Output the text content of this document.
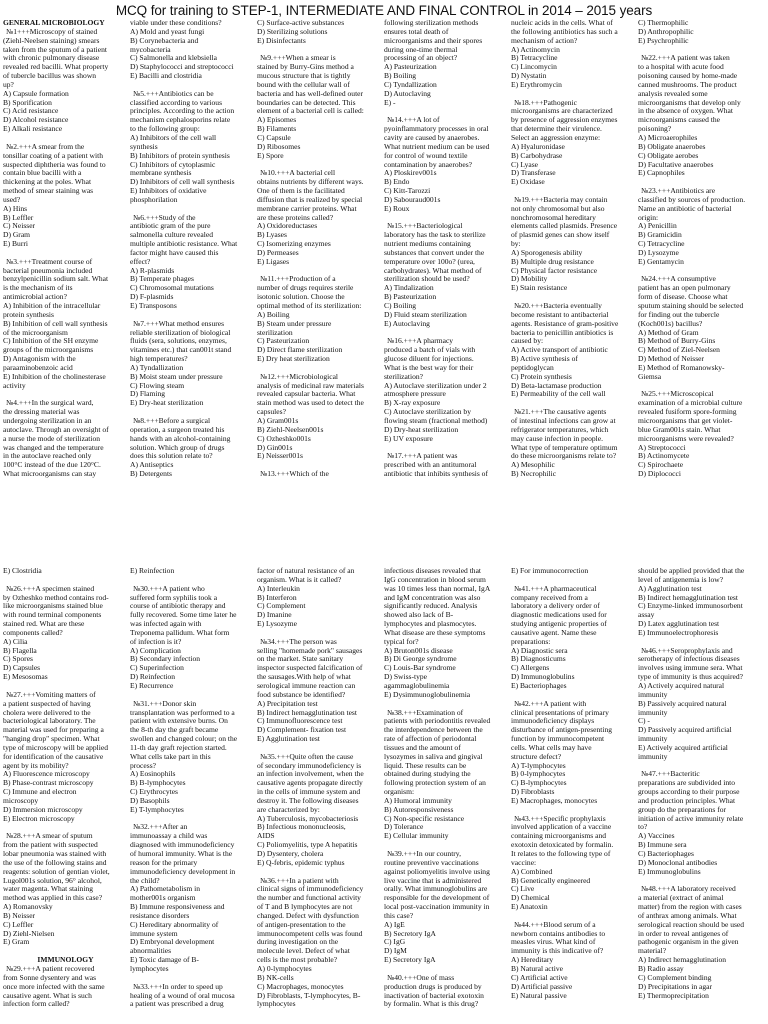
MCQ for training to STEP-1, INTERMEDIATE AND FINAL CONTROL in 2014 – 2015 years
GENERAL MICROBIOLOGY
№1+++Microscopy of stained
(Ziehl-Neelsen staining) smears
taken from the sputum of a patient
with chronic pulmonary disease
revealed red bacilli. What property
of tubercle bacillus was shown
up?
A) Capsule formation
B) Sporification
C) Acid resistance
D) Alcohol resistance
E) Alkali resistance
№2.+++A smear from the
tonsillar coating of a patient with
suspected diphtheria was found to
contain blue bacilli with a
thickening at the poles. What
method of smear staining was
used?
A) Hins
B) Leffler
C) Neisser
D) Gram
E) Burri
№3.+++Treatment course of
bacterial pneumonia included
benzylpenicillin sodium salt. What
is the mechanism of its
antimicrobial action?
A) Inhibition of the intracellular
protein synthesis
B) Inhibition of cell wall synthesis
of the microorganism
C) Inhibition of the SH enzyme
groups of the microorganisms
D) Antagonism with the
paraaminobenzoic acid
E) Inhibition of the cholinesterase
activity
№4.+++In the surgical ward,
the dressing material was
undergoing sterilization in an
autoclave. Through an oversight of
a nurse the mode of sterilization
was changed and the temperature
in the autoclave reached only
100°C instead of the due 120°C.
What microorganisms can stay
viable under these conditions?
A) Mold and yeast fungi
B) Corynebacteria and
mycobacteria
C) Salmonella and klebsiella
D) Staphylococci and streptococci
E) Bacilli and clostridia
№5.+++Antibiotics can be
classified according to various
principles. According to the action
mechanism cephalosporins relate
to the following group:
A) Inhibitors of the cell wall
synthesis
B) Inhibitors of protein synthesis
C) Inhibitors of cytoplasmic
membrane synthesis
D) Inhibitors of cell wall synthesis
E) Inhibitors of oxidative
phosphorilation
№6.+++Study of the
antibiotic gram of the pure
salmonella culture revealed
multiple antibiotic resistance. What
factor might have caused this
effect?
A) R-plasmids
B) Temperate phages
C) Chromosomal mutations
D) F-plasmids
E) Transposons
№7.+++What method ensures
reliable sterilization of biological
fluids (sera, solutions, enzymes,
vitamines etc.) that can001t stand
high temperatures?
A) Tyndallization
B) Moist steam under pressure
C) Flowing steam
D) Flaming
E) Dry-heat sterilization
№8.+++Before a surgical
operation, a surgeon treated his
hands with an alcohol-containing
solution. Which group of drugs
does this solution relate to?
A) Antiseptics
B) Detergents
C) Surface-active substances
D) Sterilizing solutions
E) Disinfectants
№9.+++When a smear is
stained by Burry-Gins method a
mucous structure that is tightly
bound with the cellular wall of
bacteria and has well-defined outer
boundaries can be detected. This
element of a bacterial cell is called:
A) Episomes
B) Filaments
C) Capsule
D) Ribosomes
E) Spore
№10.+++A bacterial cell
obtains nutrients by different ways.
One of them is the facilitated
diffusion that is realized by special
membrane carrier proteins. What
are these proteins called?
A) Oxidoreductases
B) Lyases
C) Isomerizing enzymes
D) Permeases
E) Ligases
№11.+++Production of a
number of drugs requires sterile
isotonic solution. Choose the
optimal method of its sterilization:
A) Boiling
B) Steam under pressure
sterilization
C) Pasteurization
D) Direct flame sterilization
E) Dry heat sterilization
№12.+++Microbiological
analysis of medicinal raw materials
revealed capsular bacteria. What
stain method was used to detect the
capsules?
A) Gram001s
B) Ziehl-Neelsen001s
C) Ozheshko001s
D) Gin001s
E) Neisser001s
№13.+++Which of the
following sterilization methods
ensures total death of
microorganisms and their spores
during one-time thermal
processing of an object?
A) Pasteurization
B) Boiling
C) Tyndallization
D) Autoclaving
E) -
№14.+++A lot of
pyoinflammatory processes in oral
cavity are caused by anaerobes.
What nutrient medium can be used
for control of wound textile
contamination by anaerobes?
A) Ploskirev001s
B) Endo
C) Kitt-Tarozzi
D) Sabouraud001s
E) Roux
№15.+++Bacteriological
laboratory has the task to sterilize
nutrient mediums containing
substances that convert under the
temperature over 100o? (urea,
carbohydrates). What method of
sterilization should be used?
A) Tindalization
B) Pasteurization
C) Boiling
D) Fluid steam sterilization
E) Autoclaving
№16.+++A pharmacy
produced a batch of vials with
glucose diluent for injections.
What is the best way for their
sterilization?
A) Autoclave sterilization under 2
atmosphere pressure
B) X-ray exposure
C) Autoclave sterilization by
flowing steam (fractional method)
D) Dry-heat sterilization
E) UV exposure
№17.+++A patient was
prescribed with an antitumoral
antibiotic that inhibits synthesis of
nucleic acids in the cells. What of
the following antibiotics has such a
mechanism of action?
A) Actinomycin
B) Tetracycline
C) Lincomycin
D) Nystatin
E) Erythromycin
№18.+++Pathogenic
microorganisms are characterized
by presence of aggression enzymes
that determine their virulence.
Select an aggression enzyme:
A) Hyaluronidase
B) Carbohydrase
C) Lyase
D) Transferase
E) Oxidase
№19.+++Bacteria may contain
not only chromosomal but also
nonchromosomal hereditary
elements called plasmids. Presence
of plasmid genes can show itself
by:
A) Sporogenesis ability
B) Multiple drug resistance
C) Physical factor resistance
D) Mobility
E) Stain resistance
№20.+++Bacteria eventually
become resistant to antibacterial
agents. Resistance of gram-positive
bacteria to penicillin antibiotics is
caused by:
A) Active transport of antibiotic
B) Active synthesis of
peptidoglycan
C) Protein synthesis
D) Beta-lactamase production
E) Permeability of the cell wall
№21.+++The causative agents
of intestinal infections can grow at
refrigerator temperatures, which
may cause infection in people.
What type of temperature optimum
do these microorganisms relate to?
A) Mesophilic
B) Necrophilic
C) Thermophilic
D) Anthropophilic
E) Psychrophilic
№22.+++A patient was taken
to a hospital with acute food
poisoning caused by home-made
canned mushrooms. The product
analysis revealed some
microorganisms that develop only
in the absence of oxygen. What
microorganisms caused the
poisoning?
A) Microaerophiles
B) Obligate anaerobes
C) Obligate aerobes
D) Facultative anaerobes
E) Capnophiles
№23.+++Antibiotics are
classified by sources of production.
Name an antibiotic of bacterial
origin:
A) Penicillin
B) Gramicidin
C) Tetracycline
D) Lysozyme
E) Gentamycin
№24.+++A consumptive
patient has an open pulmonary
form of disease. Choose what
sputum staining should be selected
for finding out the tubercle
(Koch001s) bacillus?
A) Method of Gram
B) Method of Burry-Gins
C) Method of Ziel-Neelsen
D) Method of Neisser
E) Method of Romanowsky-
Giemsa
№25.+++Microscopical
examination of a microbial culture
revealed fusiform spore-forming
microorganisms that get violet-
blue Gram001s stain. What
microorganisms were revealed?
A) Streptococci
B) Actinomycete
C) Spirochaete
D) Diplococci
E) Clostridia
№26.+++A specimen stained
by Ozheshko method contains rod-
like microorganisms stained blue
with round terminal components
stained red. What are these
components called?
A) Cilia
B) Flagella
C) Spores
D) Capsules
E) Mesosomas
№27.+++Vomiting matters of
a patient suspected of having
cholera were delivered to the
bacteriological laboratory. The
material was used for preparing a
"hanging drop" specimen. What
type of microscopy will be applied
for identification of the causative
agent by its mobility?
A) Fluorescence microscopy
B) Phase-contrast microscopy
C) Immune and electron
microscopy
D) Immersion microscopy
E) Electron microscopy
№28.+++A smear of sputum
from the patient with suspected
lobar pneumonia was stained with
the use of the following stains and
reagents: solution of gentian violet,
Lugol001s solution, 96° alcohol,
water magenta. What staining
method was applied in this case?
A) Romanovsky
B) Neisser
C) Leffler
D) Ziehl-Nielsen
E) Gram
IMMUNOLOGY
№29.+++A patient recovered
from Sonne dysentery and was
once more infected with the same
causative agent. What is such
infection form called?
E) Reinfection
№30.+++A patient who
suffered form syphilis took a
course of antibiotic therapy and
fully recovered. Some time later he
was infected again with
Treponema pallidum. What form
of infection is it?
A) Complication
B) Secondary infection
C) Superinfection
D) Reinfection
E) Recurrence
№31.+++Donor skin
transplantation was performed to a
patient with extensive burns. On
the 8-th day the graft became
swollen and changed colour; on the
11-th day graft rejection started.
What cells take part in this
process?
A) Eosinophils
B) B-lymphocytes
C) Erythrocytes
D) Basophils
E) T-lymphocytes
№32.+++After an
immunoassay a child was
diagnosed with immunodeficiency
of humoral immunity. What is the
reason for the primary
immunodeficiency development in
the child?
A) Pathometabolism in
mother001s organism
B) Immune responsiveness and
resistance disorders
C) Hereditary abnormality of
immune system
D) Embryonal development
abnormalities
E) Toxic damage of B-
lymphocytes
№33.+++In order to speed up
healing of a wound of oral mucosa
a patient was prescribed a drug
factor of natural resistance of an
organism. What is it called?
A) Interleukin
B) Interferon
C) Complement
D) Imanine
E) Lysozyme
№34.+++The person was
selling "homemade pork" sausages
on the market. State sanitary
inspector suspected falcification of
the sausages.With help of what
serological immune reaction can
food substance be identified?
A) Precipitation test
B) Indirect hemagglutination test
C) Immunofluorescence test
D) Complement- fixation test
E) Agglutination test
№35.+++Quite often the cause
of secondary immunodeficiency is
an infection involvement, when the
causative agents propagate directly
in the cells of immune system and
destroy it. The following diseases
are characterized by:
A) Tuberculosis, mycobacteriosis
B) Infectious mononucleosis,
AIDS
C) Poliomyelitis, type A hepatitis
D) Dysentery, cholera
E) Q-febris, epidemic typhus
№36.+++In a patient with
clinical signs of immunodeficiency
the number and functional activity
of T and B lymphocytes are not
changed. Defect with dysfunction
of antigen-presentation to the
immunocompetent cells was found
during investigation on the
molecule level. Defect of what
cells is the most probable?
A) 0-lymphocytes
B) NK-cells
C) Macrophages, monocytes
D) Fibroblasts, T-lymphocytes, B-
lymphocytes
infectious diseases revealed that
IgG concentration in blood serum
was 10 times less than normal, IgA
and IgM concentration was also
significantly reduced. Analysis
showed also lack of B-
lymphocytes and plasmocytes.
What disease are these symptoms
typical for?
A) Bruton001s disease
B) Di George syndrome
C) Louis-Bar syndrome
D) Swiss-type
agammaglobulinemia
E) Dysimmunoglobulinemia
№38.+++Examination of
patients with periodontitis revealed
the interdependence between the
rate of affection of periodontal
tissues and the amount of
lysozymes in saliva and gingival
liquid. These results can be
obtained during studying the
following protection system of an
organism:
A) Humoral immunity
B) Autoresponsiveness
C) Non-specific resistance
D) Tolerance
E) Cellular immunity
№39.+++In our country,
routine preventive vaccinations
against poliomyelitis involve using
live vaccine that is administered
orally. What immunoglobulins are
responsible for the development of
local post-vaccination immunity in
this case?
A) IgE
B) Secretory IgA
C) IgG
D) IgM
E) Secretory IgA
№40.+++One of mass
production drugs is produced by
inactivation of bacterial exotoxin
by formalin. What is this drug?
E) For immunocorrection
№41.+++A pharmaceutical
company received from a
laboratory a delivery order of
diagnostic medications used for
studying antigenic properties of
causative agent. Name these
preparations:
A) Diagnostic sera
B) Diagnosticums
C) Allergens
D) Immunoglobulins
E) Bacteriophages
№42.+++A patient with
clinical presentations of primary
immunodeficiency displays
disturbance of antigen-presenting
function by immunocompetent
cells. What cells may have
structure defect?
A) T-lymphocytes
B) 0-lymphocytes
C) B-lymphocytes
D) Fibroblasts
E) Macrophages, monocytes
№43.+++Specific prophylaxis
involved application of a vaccine
containing microorganisms and
exotoxin detoxicated by formalin.
It relates to the following type of
vaccine:
A) Combined
B) Genetically engineered
C) Live
D) Chemical
E) Anatoxin
№44.+++Blood serum of a
newborn contains antibodies to
measles virus. What kind of
immunity is this indicative of?
A) Hereditary
B) Natural active
C) Artificial active
D) Artificial passive
E) Natural passive
should be applied provided that the
level of antigenemia is low?
A) Agglutination test
B) Indirect hemagglutination test
C) Enzyme-linked immunosorbent
assay
D) Latex agglutination test
E) Immunoelectrophoresis
№46.+++Seroprophylaxis and
serotherapy of infectious diseases
involves using immune sera. What
type of immunity is thus acquired?
A) Actively acquired natural
immunity
B) Passively acquired natural
immunity
C) -
D) Passively acquired artificial
immunity
E) Actively acquired artificial
immunity
№47.+++Bacteritic
preparations are subdivided into
groups according to their purpose
and production principles. What
group do the preparations for
initiation of active immunity relate
to?
A) Vaccines
B) Immune sera
C) Bacteriophages
D) Monoclonal antibodies
E) Immunoglobulins
№48.+++A laboratory received
a material (extract of animal
matter) from the region with cases
of anthrax among animals. What
serological reaction should be used
in order to reveal antigenes of
pathogenic organism in the given
material?
A) Indirect hemagglutination
B) Radio assay
C) Complement binding
D) Precipitations in agar
E) Thermoprecipitation
